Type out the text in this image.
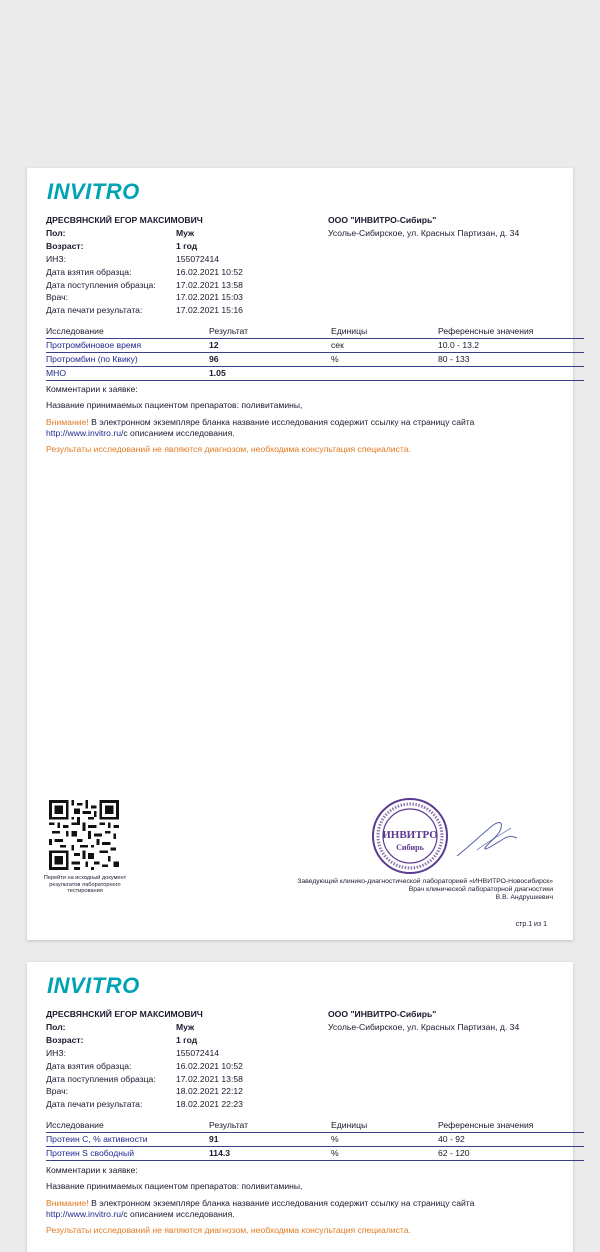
INVITRO
ДРЕСВЯНСКИЙ ЕГОР МАКСИМОВИЧ
Пол:	Муж
Возраст:	1 год
ИНЗ:	155072414
Дата взятия образца:	16.02.2021 10:52
Дата поступления образца:	17.02.2021 13:58
Врач:	17.02.2021 15:03
Дата печати результата:	17.02.2021 15:16
ООО "ИНВИТРО-Сибирь"
Усолье-Сибирское, ул. Красных Партизан, д. 34
Исследование	Результат	Единицы	Референсные значения
Протромбиновое время	12	сек	10.0 - 13.2
Протромбин (по Квику)	96	%	80 - 133
МНО	1.05
Комментарии к заявке:
Название принимаемых пациентом препаратов: поливитамины,
Внимание! В электронном экземпляре бланка название исследования содержит ссылку на страницу сайта
http://www.invitro.ru/с описанием исследования.
Результаты исследований не являются диагнозом, необходима консультация специалиста.
Перейти на исходный документ результатов лабораторного тестирования
ИНВИТРО
Сибирь
Заведующий клинико-диагностической лабораторией «ИНВИТРО-Новосибирск»
Врач клинической лабораторной диагностики
В.В. Андрушкевич
стр.1 из 1
INVITRO
ДРЕСВЯНСКИЙ ЕГОР МАКСИМОВИЧ
Пол:	Муж
Возраст:	1 год
ИНЗ:	155072414
Дата взятия образца:	16.02.2021 10:52
Дата поступления образца:	17.02.2021 13:58
Врач:	18.02.2021 22:12
Дата печати результата:	18.02.2021 22:23
ООО "ИНВИТРО-Сибирь"
Усолье-Сибирское, ул. Красных Партизан, д. 34
Исследование	Результат	Единицы	Референсные значения
Протеин С, % активности	91	%	40 - 92
Протеин S свободный	114.3	%	62 - 120
Комментарии к заявке:
Название принимаемых пациентом препаратов: поливитамины,
Внимание! В электронном экземпляре бланка название исследования содержит ссылку на страницу сайта
http://www.invitro.ru/с описанием исследования.
Результаты исследований не являются диагнозом, необходима консультация специалиста.
